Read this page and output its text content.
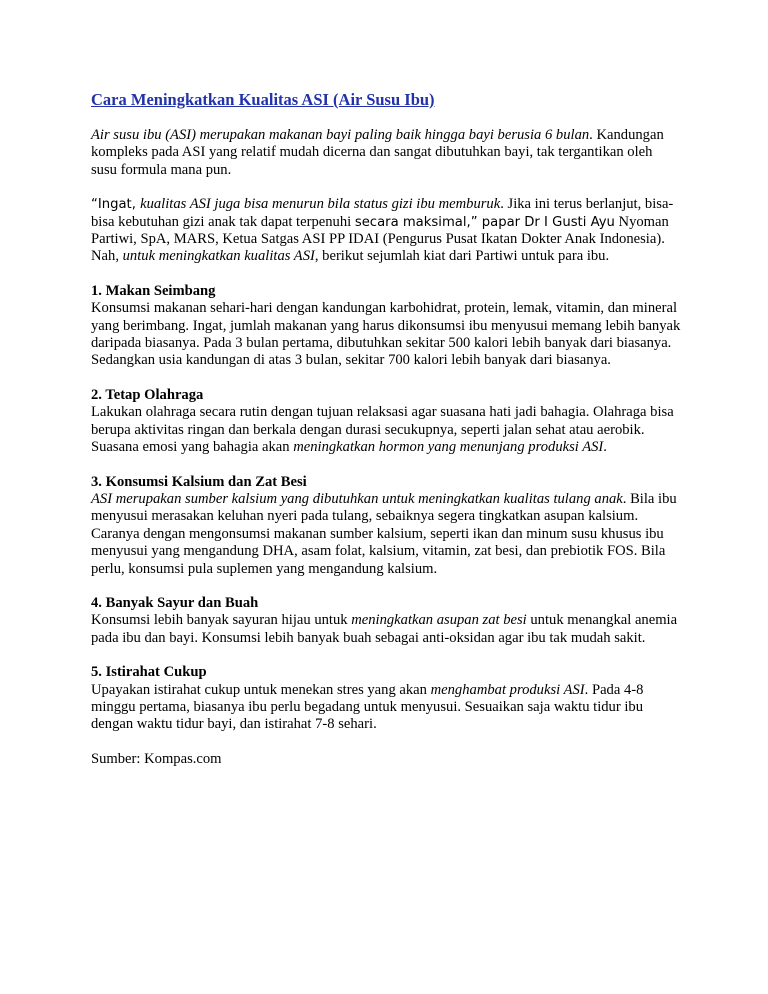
Cara Meningkatkan Kualitas ASI (Air Susu Ibu)

Air susu ibu (ASI) merupakan makanan bayi paling baik hingga bayi berusia 6 bulan. Kandungan kompleks pada ASI yang relatif mudah dicerna dan sangat dibutuhkan bayi, tak tergantikan oleh susu formula mana pun.

“Ingat, kualitas ASI juga bisa menurun bila status gizi ibu memburuk. Jika ini terus berlanjut, bisa-bisa kebutuhan gizi anak tak dapat terpenuhi secara maksimal,” papar Dr I Gusti Ayu Nyoman Partiwi, SpA, MARS, Ketua Satgas ASI PP IDAI (Pengurus Pusat Ikatan Dokter Anak Indonesia). Nah, untuk meningkatkan kualitas ASI, berikut sejumlah kiat dari Partiwi untuk para ibu.

1. Makan Seimbang
Konsumsi makanan sehari-hari dengan kandungan karbohidrat, protein, lemak, vitamin, dan mineral yang berimbang. Ingat, jumlah makanan yang harus dikonsumsi ibu menyusui memang lebih banyak daripada biasanya. Pada 3 bulan pertama, dibutuhkan sekitar 500 kalori lebih banyak dari biasanya. Sedangkan usia kandungan di atas 3 bulan, sekitar 700 kalori lebih banyak dari biasanya.

2. Tetap Olahraga
Lakukan olahraga secara rutin dengan tujuan relaksasi agar suasana hati jadi bahagia. Olahraga bisa berupa aktivitas ringan dan berkala dengan durasi secukupnya, seperti jalan sehat atau aerobik. Suasana emosi yang bahagia akan meningkatkan hormon yang menunjang produksi ASI.

3. Konsumsi Kalsium dan Zat Besi
ASI merupakan sumber kalsium yang dibutuhkan untuk meningkatkan kualitas tulang anak. Bila ibu menyusui merasakan keluhan nyeri pada tulang, sebaiknya segera tingkatkan asupan kalsium. Caranya dengan mengonsumsi makanan sumber kalsium, seperti ikan dan minum susu khusus ibu menyusui yang mengandung DHA, asam folat, kalsium, vitamin, zat besi, dan prebiotik FOS. Bila perlu, konsumsi pula suplemen yang mengandung kalsium.

4. Banyak Sayur dan Buah
Konsumsi lebih banyak sayuran hijau untuk meningkatkan asupan zat besi untuk menangkal anemia pada ibu dan bayi. Konsumsi lebih banyak buah sebagai anti-oksidan agar ibu tak mudah sakit.

5. Istirahat Cukup
Upayakan istirahat cukup untuk menekan stres yang akan menghambat produksi ASI. Pada 4-8 minggu pertama, biasanya ibu perlu begadang untuk menyusui. Sesuaikan saja waktu tidur ibu dengan waktu tidur bayi, dan istirahat 7-8 sehari.

Sumber: Kompas.com
